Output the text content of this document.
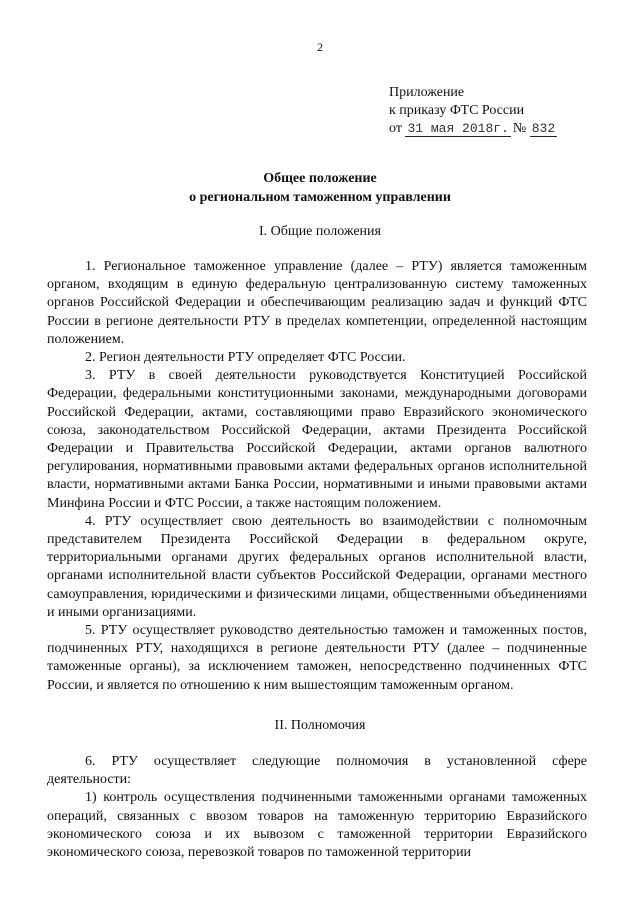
2
Приложение
к приказу ФТС России
от 31 мая 2018г. № 832
Общее положение
о региональном таможенном управлении
I. Общие положения

1. Региональное таможенное управление (далее – РТУ) является таможенным органом, входящим в единую федеральную централизованную систему таможенных органов Российской Федерации и обеспечивающим реализацию задач и функций ФТС России в регионе деятельности РТУ в пределах компетенции, определенной настоящим положением.

2. Регион деятельности РТУ определяет ФТС России.

3. РТУ в своей деятельности руководствуется Конституцией Российской Федерации, федеральными конституционными законами, международными договорами Российской Федерации, актами, составляющими право Евразийского экономического союза, законодательством Российской Федерации, актами Президента Российской Федерации и Правительства Российской Федерации, актами органов валютного регулирования, нормативными правовыми актами федеральных органов исполнительной власти, нормативными актами Банка России, нормативными и иными правовыми актами Минфина России и ФТС России, а также настоящим положением.

4. РТУ осуществляет свою деятельность во взаимодействии с полномочным представителем Президента Российской Федерации в федеральном округе, территориальными органами других федеральных органов исполнительной власти, органами исполнительной власти субъектов Российской Федерации, органами местного самоуправления, юридическими и физическими лицами, общественными объединениями и иными организациями.

5. РТУ осуществляет руководство деятельностью таможен и таможенных постов, подчиненных РТУ, находящихся в регионе деятельности РТУ (далее – подчиненные таможенные органы), за исключением таможен, непосредственно подчиненных ФТС России, и является по отношению к ним вышестоящим таможенным органом.

II. Полномочия

6. РТУ осуществляет следующие полномочия в установленной сфере деятельности:

1) контроль осуществления подчиненными таможенными органами таможенных операций, связанных с ввозом товаров на таможенную территорию Евразийского экономического союза и их вывозом с таможенной территории Евразийского экономического союза, перевозкой товаров по таможенной территории
